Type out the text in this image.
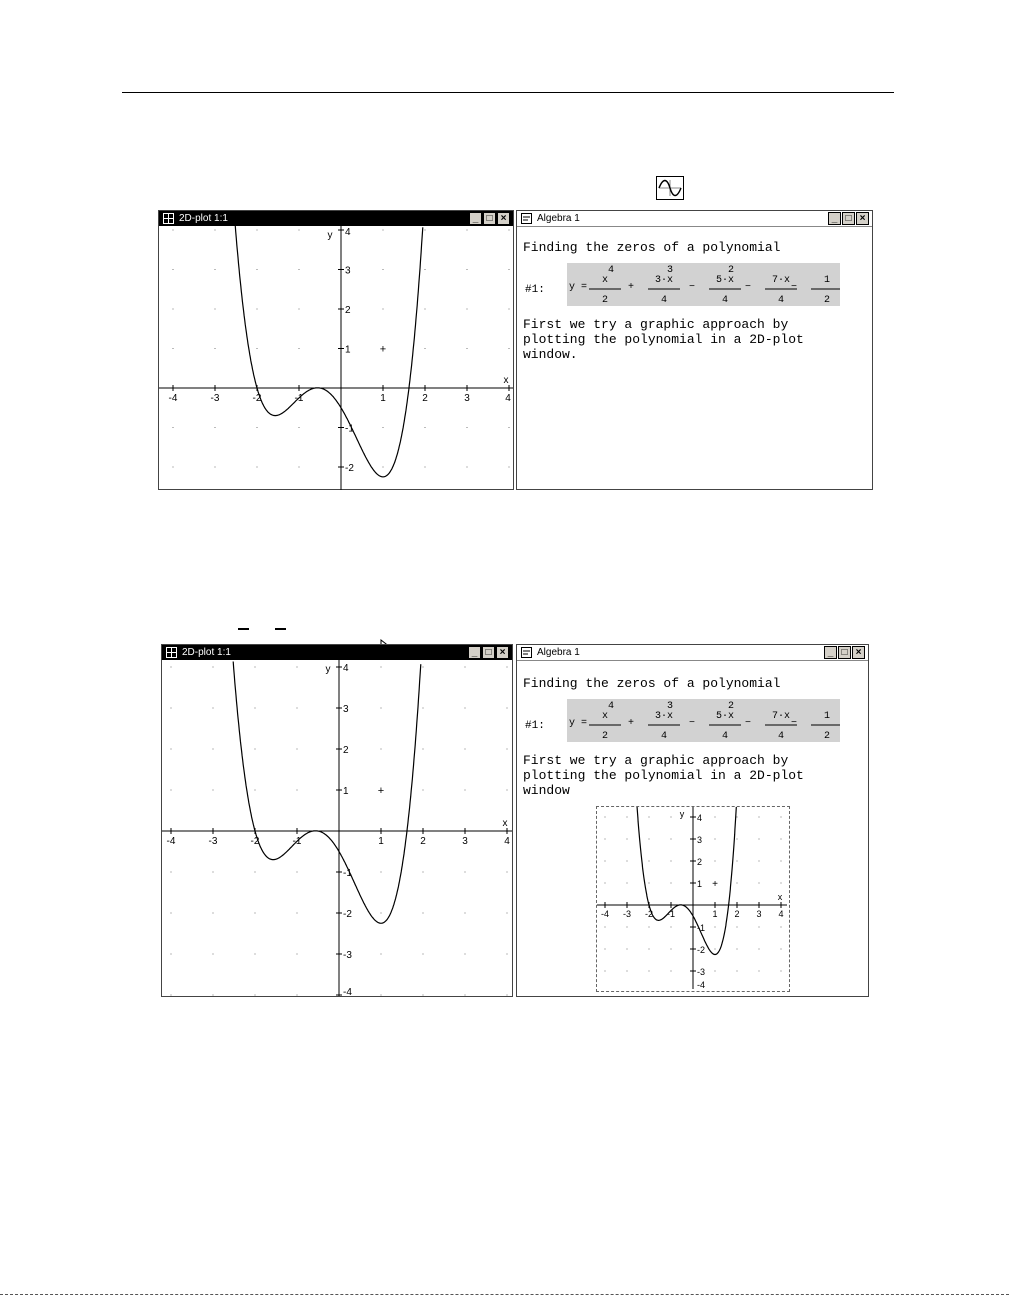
2D-plot 1:1	_ □ ×
-4	-3	-2	-1	1	2	3	4
4
3
2
1
-1
-2
x
y
+
Algebra 1	_ □ ×
Finding the zeros of a polynomial
#1: y =
4
x
2
+
3
3·x
4
−
2
5·x
4
−
7·x
4
−
1
2
First we try a graphic approach by
plotting the polynomial in a 2D-plot
window.
2D-plot 1:1	_ □ ×
-4	-3	-2	-1	1	2	3	4
4
3
2
1
-1
-2
-3
-4
x
y
+
Algebra 1	_ □ ×
Finding the zeros of a polynomial
#1: y =
4
x
2
+
3
3·x
4
−
2
5·x
4
−
7·x
4
−
1
2
First we try a graphic approach by
plotting the polynomial in a 2D-plot
window
-4 -3 -2 -1	1 2 3 4
4
3
2
1
-1
-2
-3
-4
x
y
+
